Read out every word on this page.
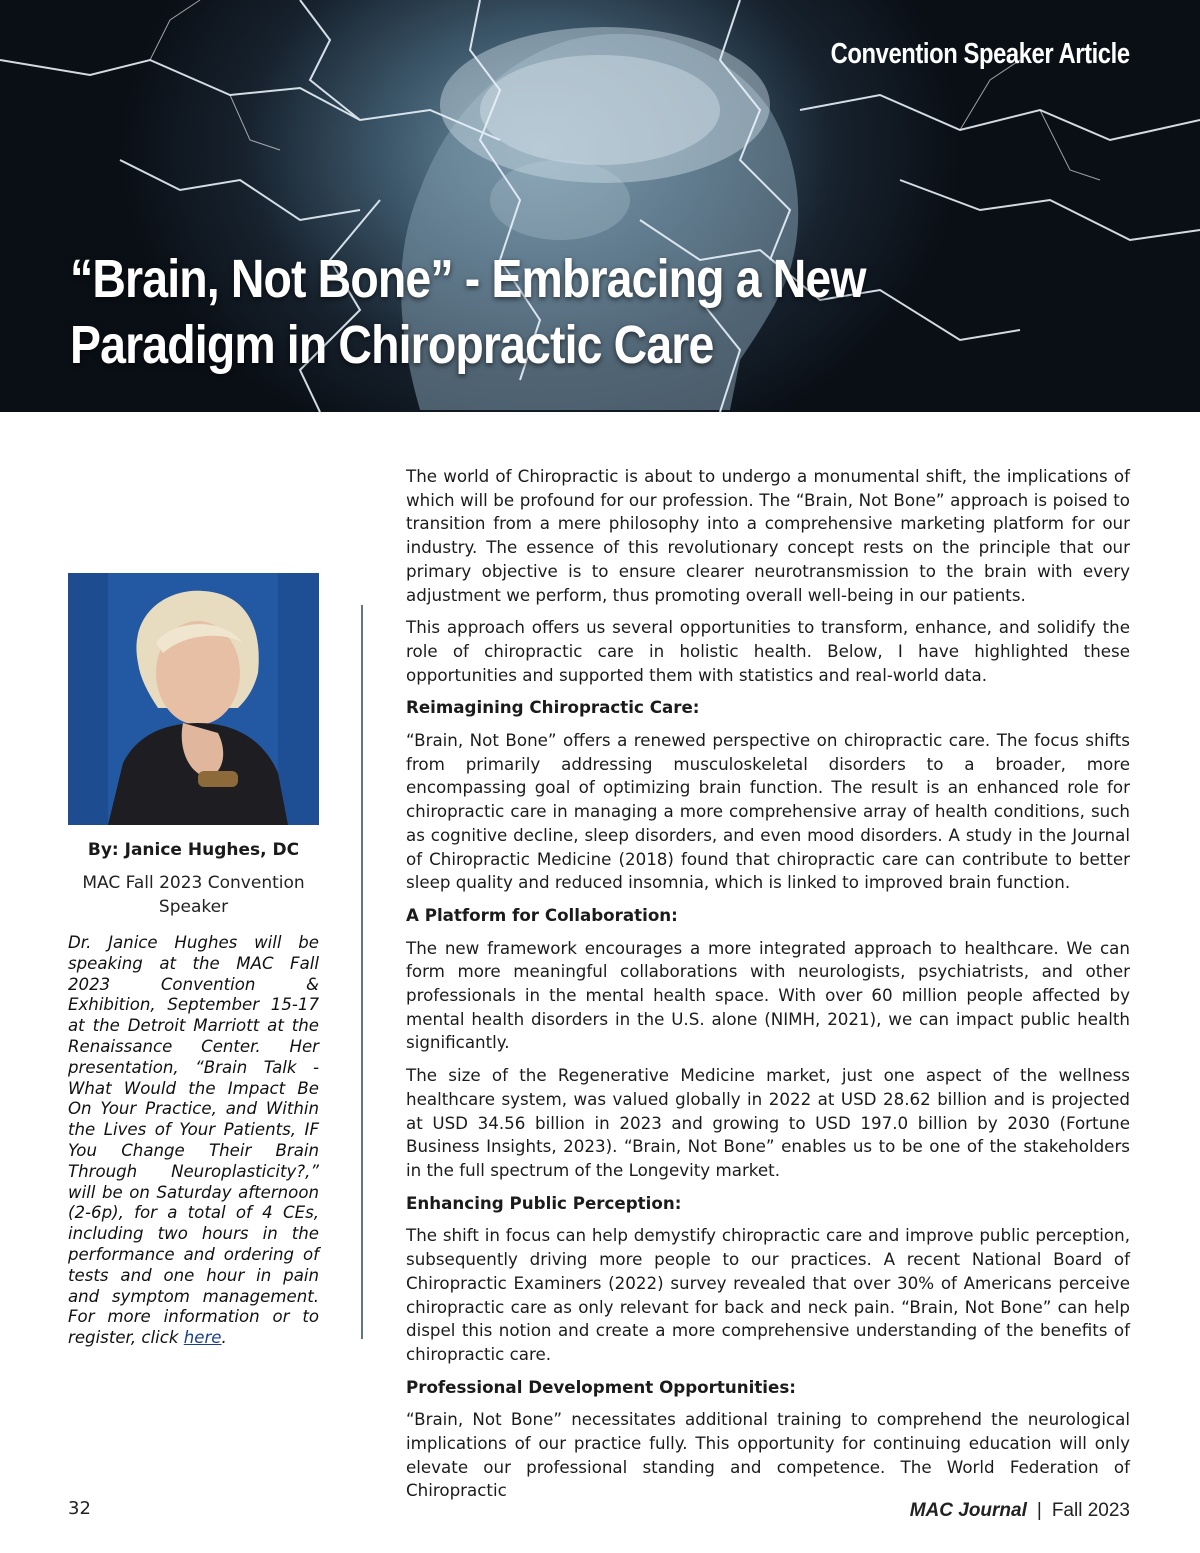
Convention Speaker Article
“Brain, Not Bone” - Embracing a New
Paradigm in Chiropractic Care
By: Janice Hughes, DC
MAC Fall 2023 Convention Speaker
Dr. Janice Hughes will be speaking at the MAC Fall 2023 Convention & Exhibition, September 15-17 at the Detroit Marriott at the Renaissance Center. Her presentation, “Brain Talk - What Would the Impact Be On Your Practice, and Within the Lives of Your Patients, IF You Change Their Brain Through Neuroplasticity?,” will be on Saturday afternoon (2-6p), for a total of 4 CEs, including two hours in the performance and ordering of tests and one hour in pain and symptom management. For more information or to register, click here.

The world of Chiropractic is about to undergo a monumental shift, the implications of which will be profound for our profession. The “Brain, Not Bone” approach is poised to transition from a mere philosophy into a comprehensive marketing platform for our industry. The essence of this revolutionary concept rests on the principle that our primary objective is to ensure clearer neurotransmission to the brain with every adjustment we perform, thus promoting overall well-being in our patients.

This approach offers us several opportunities to transform, enhance, and solidify the role of chiropractic care in holistic health. Below, I have highlighted these opportunities and supported them with statistics and real-world data.

Reimagining Chiropractic Care:

“Brain, Not Bone” offers a renewed perspective on chiropractic care. The focus shifts from primarily addressing musculoskeletal disorders to a broader, more encompassing goal of optimizing brain function. The result is an enhanced role for chiropractic care in managing a more comprehensive array of health conditions, such as cognitive decline, sleep disorders, and even mood disorders. A study in the Journal of Chiropractic Medicine (2018) found that chiropractic care can contribute to better sleep quality and reduced insomnia, which is linked to improved brain function.

A Platform for Collaboration:

The new framework encourages a more integrated approach to healthcare. We can form more meaningful collaborations with neurologists, psychiatrists, and other professionals in the mental health space. With over 60 million people affected by mental health disorders in the U.S. alone (NIMH, 2021), we can impact public health significantly.

The size of the Regenerative Medicine market, just one aspect of the wellness healthcare system, was valued globally in 2022 at USD 28.62 billion and is projected at USD 34.56 billion in 2023 and growing to USD 197.0 billion by 2030 (Fortune Business Insights, 2023). “Brain, Not Bone” enables us to be one of the stakeholders in the full spectrum of the Longevity market.

Enhancing Public Perception:

The shift in focus can help demystify chiropractic care and improve public perception, subsequently driving more people to our practices. A recent National Board of Chiropractic Examiners (2022) survey revealed that over 30% of Americans perceive chiropractic care as only relevant for back and neck pain. “Brain, Not Bone” can help dispel this notion and create a more comprehensive understanding of the benefits of chiropractic care.

Professional Development Opportunities:

“Brain, Not Bone” necessitates additional training to comprehend the neurological implications of our practice fully. This opportunity for continuing education will only elevate our professional standing and competence. The World Federation of Chiropractic

32	MAC Journal | Fall 2023
